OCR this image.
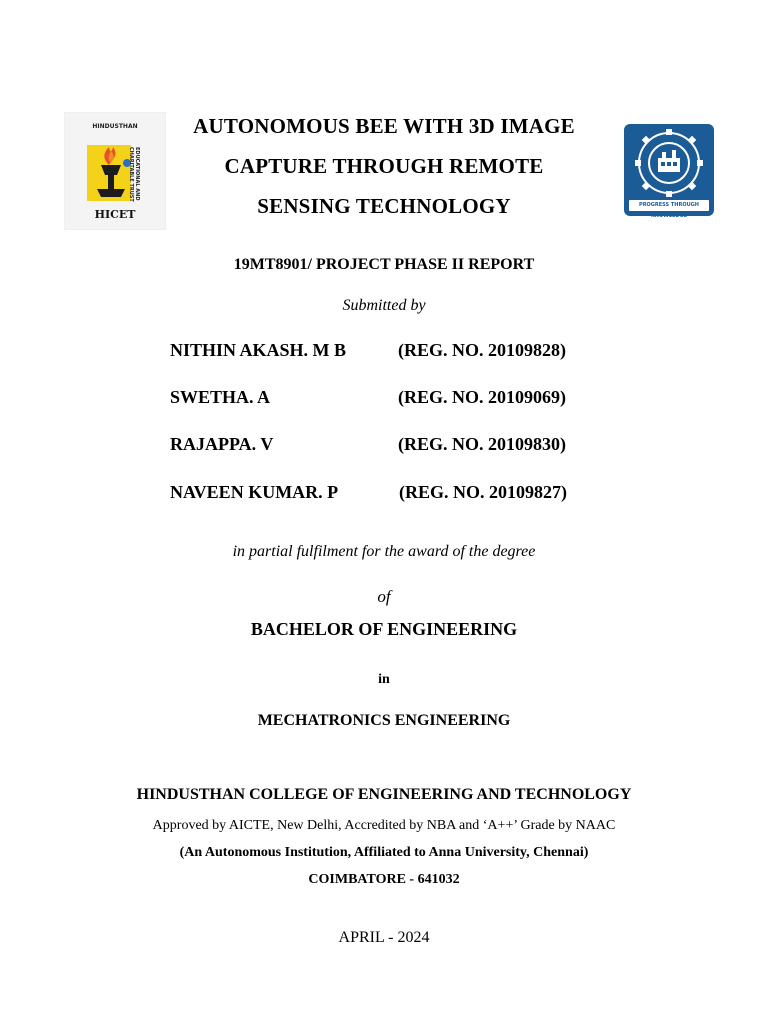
HINDUSTHAN
EDUCATIONAL AND CHARITABLE TRUST
HICET
PROGRESS THROUGH KNOWLEDGE
AUTONOMOUS BEE WITH 3D IMAGE
CAPTURE THROUGH REMOTE
SENSING TECHNOLOGY
19MT8901/ PROJECT PHASE II REPORT
Submitted by
NITHIN AKASH. M B	(REG. NO. 20109828)
SWETHA. A	(REG. NO. 20109069)
RAJAPPA. V	(REG. NO. 20109830)
NAVEEN KUMAR. P	(REG. NO. 20109827)
in partial fulfilment for the award of the degree
of
BACHELOR OF ENGINEERING
in
MECHATRONICS ENGINEERING
HINDUSTHAN COLLEGE OF ENGINEERING AND TECHNOLOGY
Approved by AICTE, New Delhi, Accredited by NBA and ‘A++’ Grade by NAAC
(An Autonomous Institution, Affiliated to Anna University, Chennai)
COIMBATORE - 641032
APRIL - 2024
